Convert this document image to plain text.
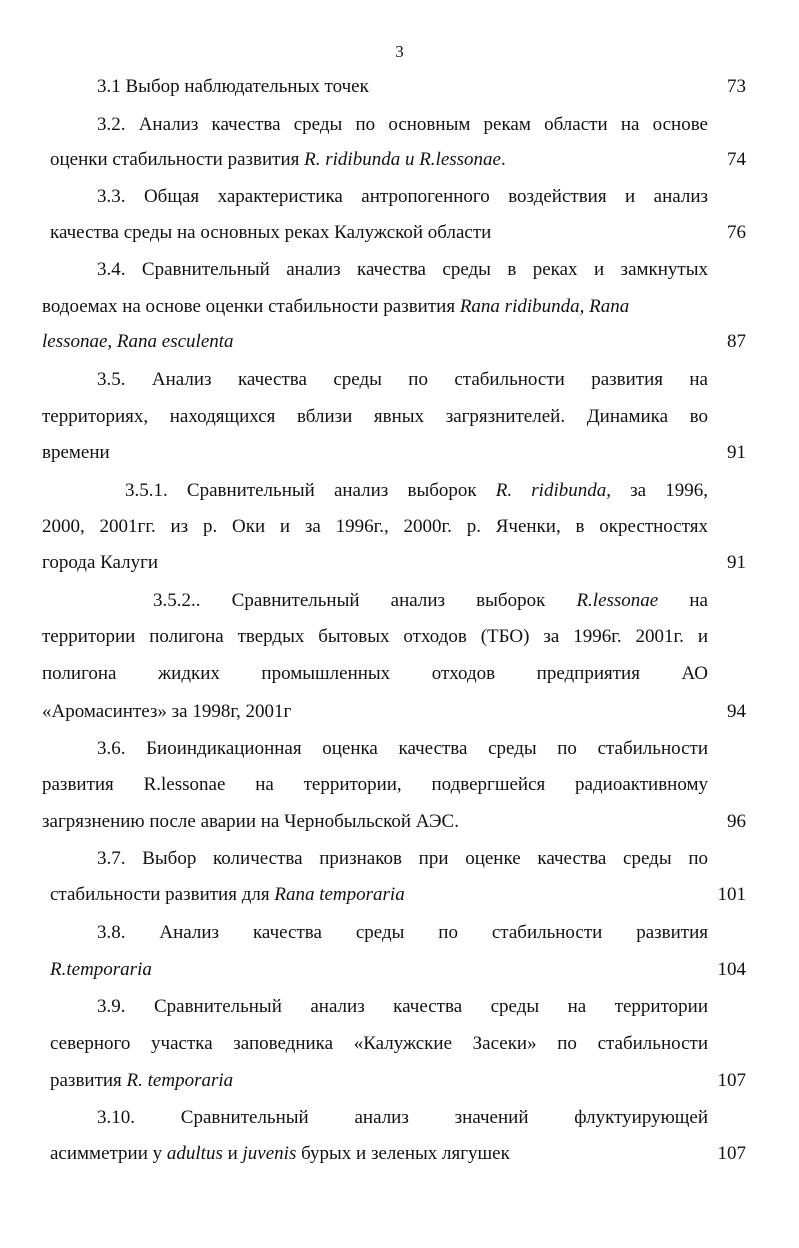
3
3.1 Выбор наблюдательных точек	73
3.2. Анализ качества среды по основным рекам области на основе
оценки стабильности развития R. ridibunda и R.lessonae.	74
3.3. Общая характеристика антропогенного воздействия и анализ
качества среды на основных реках Калужской области	76
3.4. Сравнительный анализ качества среды в реках и замкнутых
водоемах на основе оценки стабильности развития Rana ridibunda, Rana
lessonae, Rana esculenta	87
3.5. Анализ качества среды по стабильности развития на
территориях, находящихся вблизи явных загрязнителей. Динамика во
времени	91
3.5.1. Сравнительный анализ выборок R. ridibunda, за 1996,
2000, 2001гг. из р. Оки и за 1996г., 2000г. р. Яченки, в окрестностях
города Калуги	91
3.5.2.. Сравнительный анализ выборок R.lessonae на
территории полигона твердых бытовых отходов (ТБО) за 1996г. 2001г. и
полигона жидких промышленных отходов предприятия АО
«Аромасинтез» за 1998г, 2001г	94
3.6. Биоиндикационная оценка качества среды по стабильности
развития R.lessonae на территории, подвергшейся радиоактивному
загрязнению после аварии на Чернобыльской АЭС.	96
3.7. Выбор количества признаков при оценке качества среды по
стабильности развития для Rana temporaria	101
3.8. Анализ качества среды по стабильности развития
R.temporaria	104
3.9. Сравнительный анализ качества среды на территории
северного участка заповедника «Калужские Засеки» по стабильности
развития R. temporaria	107
3.10. Сравнительный анализ значений флуктуирующей
асимметрии у adultus и juvenis бурых и зеленых лягушек	107
